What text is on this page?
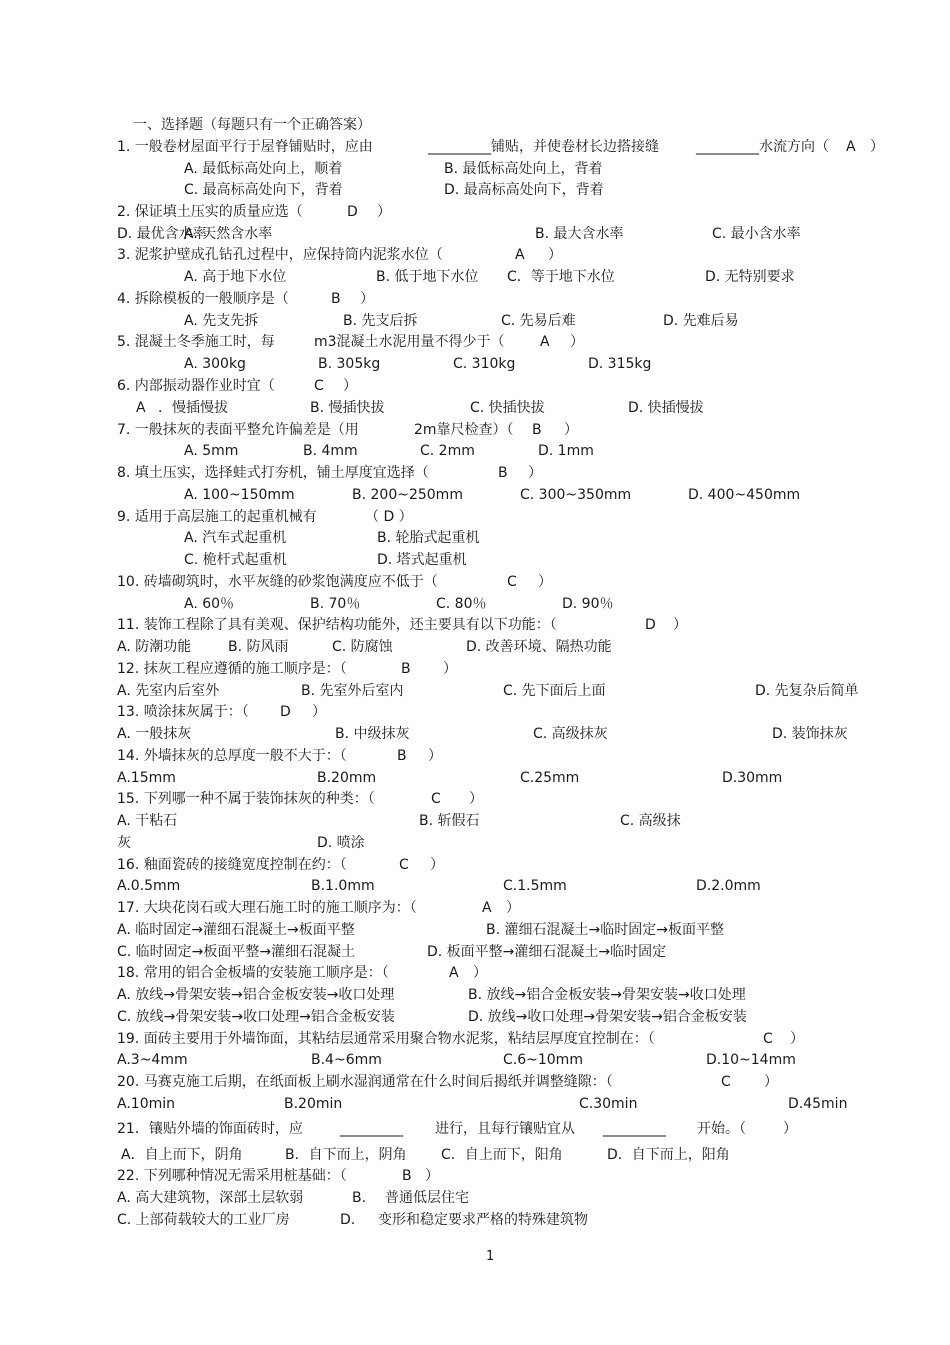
一、选择题（每题只有一个正确答案）

1. 一般卷材屋面平行于屋脊铺贴时，应由	_________铺贴，并使卷材长边搭接缝	_________水流方向（ A ）
A. 最低标高处向上，顺着	B. 最低标高处向上，背着
C. 最高标高处向下，背着	D. 最高标高处向下，背着
2. 保证填土压实的质量应选（	D ）
A. 天然含水率	B. 最大含水率	C. 最小含水率
D. 最优含水率
3. 泥浆护壁成孔钻孔过程中，应保持筒内泥浆水位（	A ）
A. 高于地下水位	B. 低于地下水位 C．等于地下水位	D. 无特别要求
4. 拆除模板的一般顺序是（	B ）
A. 先支先拆	B. 先支后拆	C. 先易后难	D. 先难后易
5. 混凝土冬季施工时，每	m3混凝土水泥用量不得少于（	A ）
A. 300kg	B. 305kg	C. 310kg	D. 315kg
6. 内部振动器作业时宜（	C ）
A ．慢插慢拔	B. 慢插快拔	C. 快插快拔	D. 快插慢拔
7. 一般抹灰的表面平整允许偏差是（用	2m靠尺检查）（ B ）
A. 5mm	B. 4mm	C. 2mm	D. 1mm
8. 填土压实，选择蛙式打夯机，铺土厚度宜选择（	B ）
A. 100~150mm	B. 200~250mm	C. 300~350mm	D. 400~450mm
9. 适用于高层施工的起重机械有	（ D ）
A. 汽车式起重机	B. 轮胎式起重机
C. 桅杆式起重机	D. 塔式起重机
10. 砖墙砌筑时，水平灰缝的砂浆饱满度应不低于（	C ）
A. 60％	B. 70％	C. 80％	D. 90％
11. 装饰工程除了具有美观、保护结构功能外，还主要具有以下功能：（	D ）
A. 防潮功能	B. 防风雨	C. 防腐蚀	D. 改善环境、隔热功能
12. 抹灰工程应遵循的施工顺序是：（	B ）
A. 先室内后室外	B. 先室外后室内	C. 先下面后上面	D. 先复杂后简单
13. 喷涂抹灰属于：（ D ）
A. 一般抹灰	B. 中级抹灰	C. 高级抹灰	D. 装饰抹灰
14. 外墙抹灰的总厚度一般不大于：（	B ）
A.15mm	B.20mm	C.25mm	D.30mm
15. 下列哪一种不属于装饰抹灰的种类：（	C ）
A. 干粘石	B. 斩假石	C. 高级抹
灰	D. 喷涂
16. 釉面瓷砖的接缝宽度控制在约：（	C ）
A.0.5mm	B.1.0mm	C.1.5mm	D.2.0mm
17. 大块花岗石或大理石施工时的施工顺序为：（	A ）
A. 临时固定→灌细石混凝土→板面平整	B. 灌细石混凝土→临时固定→板面平整
C. 临时固定→板面平整→灌细石混凝土	D. 板面平整→灌细石混凝土→临时固定
18. 常用的铝合金板墙的安装施工顺序是：（	A ）
A. 放线→骨架安装→铝合金板安装→收口处理	B. 放线→铝合金板安装→骨架安装→收口处理
C. 放线→骨架安装→收口处理→铝合金板安装	D. 放线→收口处理→骨架安装→铝合金板安装
19. 面砖主要用于外墙饰面，其粘结层通常采用聚合物水泥浆，粘结层厚度宜控制在：（	C ）
A.3~4mm	B.4~6mm	C.6~10mm	D.10~14mm
20. 马赛克施工后期，在纸面板上刷水湿润通常在什么时间后揭纸并调整缝隙：（	C ）
A.10min	B.20min	C.30min	D.45min
21．镶贴外墙的饰面砖时，应	_________ 进行，且每行镶贴宜从 _________ 开始。（	）
A．自上而下，阴角	B．自下而上，阴角 C．自上而下，阳角	D．自下而上，阳角
22. 下列哪种情况无需采用桩基础：（	B ）
A. 高大建筑物，深部土层软弱	B. 普通低层住宅
C. 上部荷载较大的工业厂房	D. 变形和稳定要求严格的特殊建筑物
1
